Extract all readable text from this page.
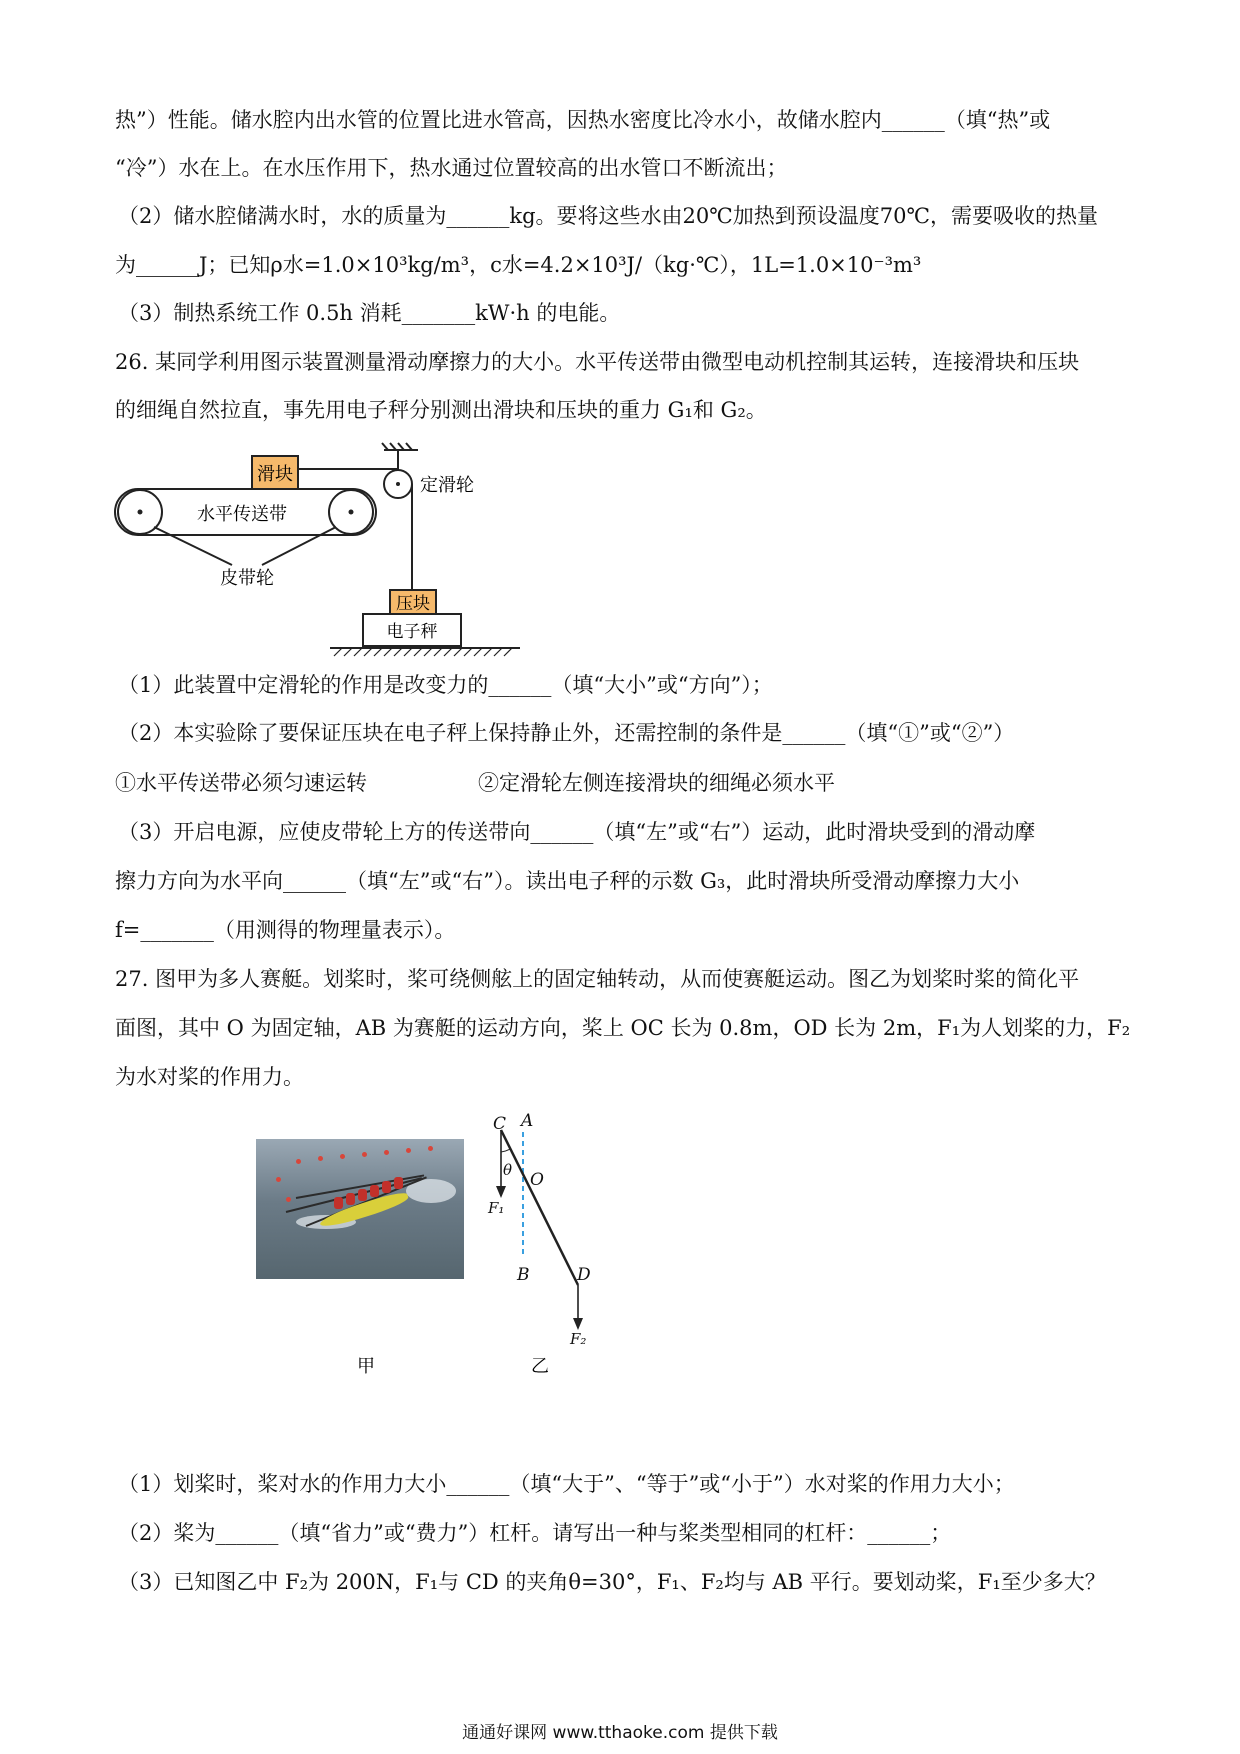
热”）性能。储水腔内出水管的位置比进水管高，因热水密度比冷水小，故储水腔内______（填“热”或
“冷”）水在上。在水压作用下，热水通过位置较高的出水管口不断流出；
（2）储水腔储满水时，水的质量为______kg。要将这些水由20℃加热到预设温度70℃，需要吸收的热量
为______J；已知ρ水=1.0×10³kg/m³，c水=4.2×10³J/（kg·℃），1L=1.0×10⁻³m³
（3）制热系统工作 0.5h 消耗_______kW·h 的电能。
26. 某同学利用图示装置测量滑动摩擦力的大小。水平传送带由微型电动机控制其运转，连接滑块和压块
的细绳自然拉直，事先用电子秤分别测出滑块和压块的重力 G₁和 G₂。
（1）此装置中定滑轮的作用是改变力的______（填“大小”或“方向”）；
（2）本实验除了要保证压块在电子秤上保持静止外，还需控制的条件是______（填“①”或“②”）
①水平传送带必须匀速运转	②定滑轮左侧连接滑块的细绳必须水平
（3）开启电源，应使皮带轮上方的传送带向______（填“左”或“右”）运动，此时滑块受到的滑动摩
擦力方向为水平向______（填“左”或“右”）。读出电子秤的示数 G₃，此时滑块所受滑动摩擦力大小
f=_______（用测得的物理量表示）。
27. 图甲为多人赛艇。划桨时，桨可绕侧舷上的固定轴转动，从而使赛艇运动。图乙为划桨时桨的简化平
面图，其中 O 为固定轴，AB 为赛艇的运动方向，桨上 OC 长为 0.8m，OD 长为 2m，F₁为人划桨的力，F₂
为水对桨的作用力。
（1）划桨时，桨对水的作用力大小______（填“大于”、“等于”或“小于”）水对桨的作用力大小；
（2）桨为______（填“省力”或“费力”）杠杆。请写出一种与桨类型相同的杠杆：______；
（3）已知图乙中 F₂为 200N，F₁与 CD 的夹角θ=30°，F₁、F₂均与 AB 平行。要划动桨，F₁至少多大？
滑块
水平传送带
皮带轮
定滑轮
压块
电子秤
C A
θ O
F₁
B	D
F₂
甲	乙
通通好课网 www.tthaoke.com 提供下载
